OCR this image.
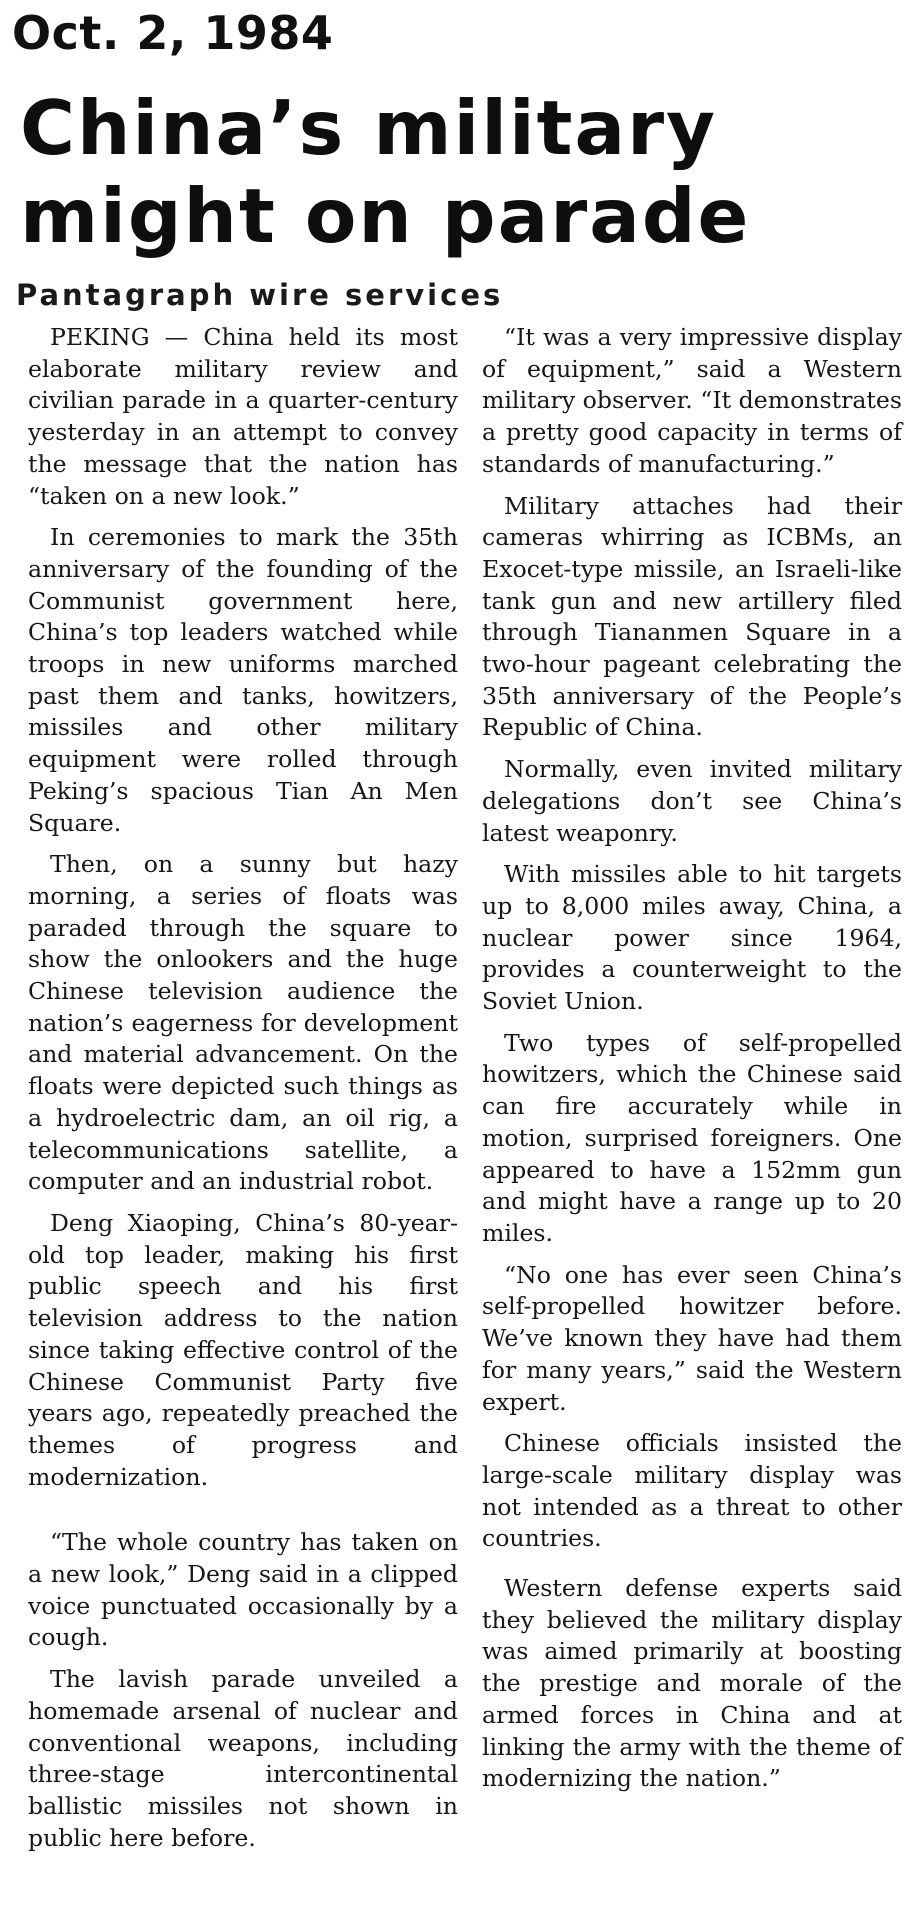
Oct. 2, 1984
China’s military might on parade
Pantagraph wire services

PEKING — China held its most elaborate military review and civilian parade in a quarter-century yesterday in an attempt to convey the message that the nation has “taken on a new look.”

In ceremonies to mark the 35th anniversary of the founding of the Communist government here, China’s top leaders watched while troops in new uniforms marched past them and tanks, howitzers, missiles and other military equipment were rolled through Peking’s spacious Tian An Men Square.

Then, on a sunny but hazy morning, a series of floats was paraded through the square to show the onlookers and the huge Chinese television audience the nation’s eagerness for development and material advancement. On the floats were depicted such things as a hydroelectric dam, an oil rig, a telecommunications satellite, a computer and an industrial robot.

Deng Xiaoping, China’s 80-year-old top leader, making his first public speech and his first television address to the nation since taking effective control of the Chinese Communist Party five years ago, repeatedly preached the themes of progress and modernization.

“The whole country has taken on a new look,” Deng said in a clipped voice punctuated occasionally by a cough.

The lavish parade unveiled a homemade arsenal of nuclear and conventional weapons, including three-stage intercontinental ballistic missiles not shown in public here before.

“It was a very impressive display of equipment,” said a Western military observer. “It demonstrates a pretty good capacity in terms of standards of manufacturing.”

Military attaches had their cameras whirring as ICBMs, an Exocet-type missile, an Israeli-like tank gun and new artillery filed through Tiananmen Square in a two-hour pageant celebrating the 35th anniversary of the People’s Republic of China.

Normally, even invited military delegations don’t see China’s latest weaponry.

With missiles able to hit targets up to 8,000 miles away, China, a nuclear power since 1964, provides a counterweight to the Soviet Union.

Two types of self-propelled howitzers, which the Chinese said can fire accurately while in motion, surprised foreigners. One appeared to have a 152mm gun and might have a range up to 20 miles.

“No one has ever seen China’s self-propelled howitzer before. We’ve known they have had them for many years,” said the Western expert.

Chinese officials insisted the large-scale military display was not intended as a threat to other countries.

Western defense experts said they believed the military display was aimed primarily at boosting the prestige and morale of the armed forces in China and at linking the army with the theme of modernizing the nation.”
